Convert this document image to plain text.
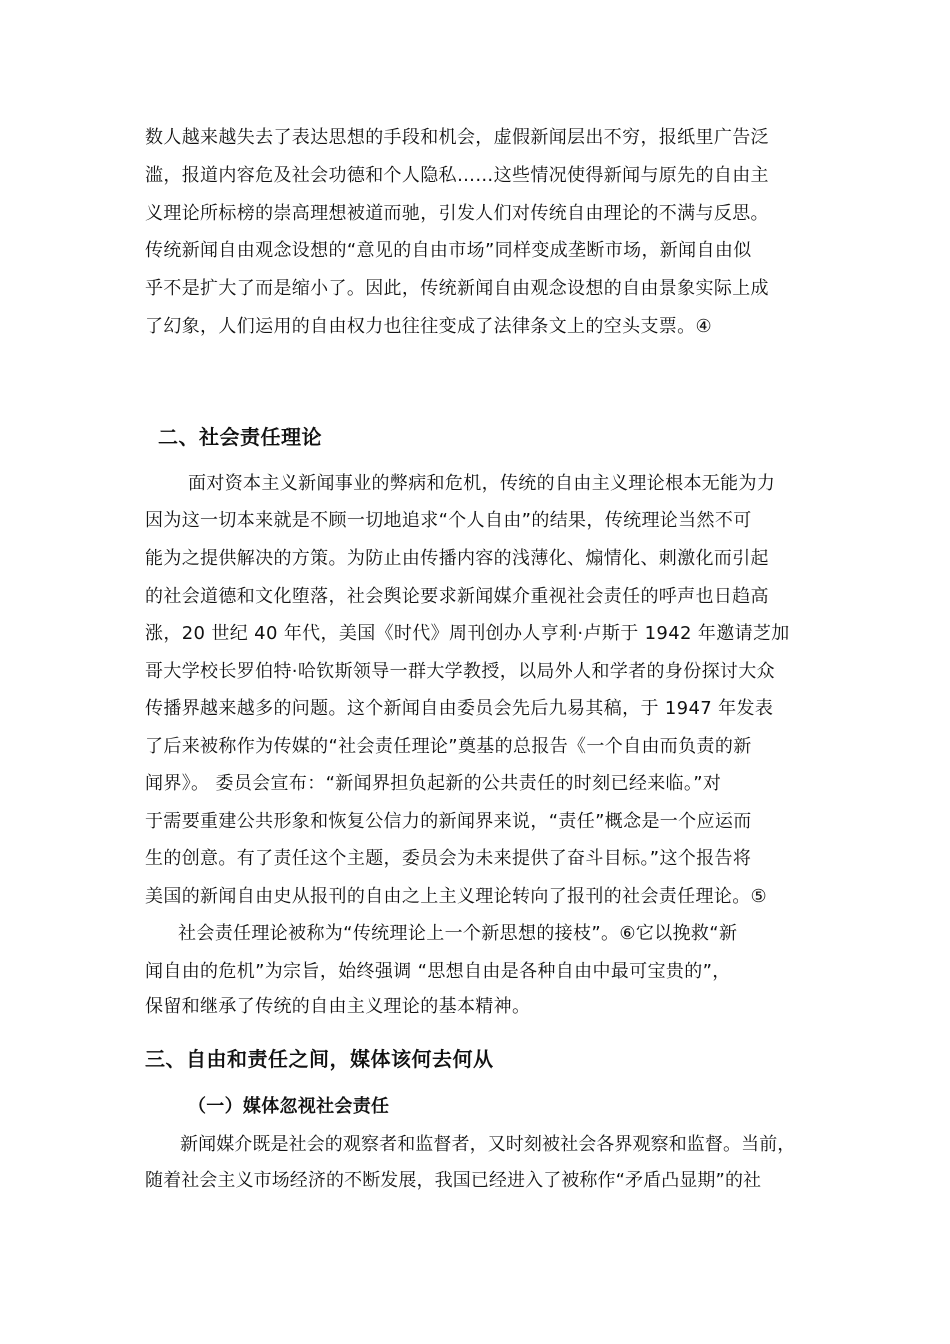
数人越来越失去了表达思想的手段和机会，虚假新闻层出不穷，报纸里广告泛
滥，报道内容危及社会功德和个人隐私……这些情况使得新闻与原先的自由主
义理论所标榜的崇高理想被道而驰，引发人们对传统自由理论的不满与反思。
传统新闻自由观念设想的“意见的自由市场”同样变成垄断市场，新闻自由似
乎不是扩大了而是缩小了。因此，传统新闻自由观念设想的自由景象实际上成
了幻象，人们运用的自由权力也往往变成了法律条文上的空头支票。④
二、社会责任理论
面对资本主义新闻事业的弊病和危机，传统的自由主义理论根本无能为力
因为这一切本来就是不顾一切地追求“个人自由”的结果，传统理论当然不可
能为之提供解决的方策。为防止由传播内容的浅薄化、煽情化、刺激化而引起
的社会道德和文化堕落，社会舆论要求新闻媒介重视社会责任的呼声也日趋高
涨，20 世纪 40 年代，美国《时代》周刊创办人亨利·卢斯于 1942 年邀请芝加
哥大学校长罗伯特·哈钦斯领导一群大学教授，以局外人和学者的身份探讨大众
传播界越来越多的问题。这个新闻自由委员会先后九易其稿，于 1947 年发表
了后来被称作为传媒的“社会责任理论”奠基的总报告《一个自由而负责的新
闻界》。 委员会宣布：“新闻界担负起新的公共责任的时刻已经来临。”对
于需要重建公共形象和恢复公信力的新闻界来说，“责任”概念是一个应运而
生的创意。有了责任这个主题，委员会为未来提供了奋斗目标。”这个报告将
美国的新闻自由史从报刊的自由之上主义理论转向了报刊的社会责任理论。⑤
社会责任理论被称为“传统理论上一个新思想的接枝”。⑥它以挽救“新
闻自由的危机”为宗旨，始终强调 “思想自由是各种自由中最可宝贵的”，
保留和继承了传统的自由主义理论的基本精神。
三、自由和责任之间，媒体该何去何从
（一）媒体忽视社会责任
新闻媒介既是社会的观察者和监督者，又时刻被社会各界观察和监督。当前，
随着社会主义市场经济的不断发展，我国已经进入了被称作“矛盾凸显期”的社
